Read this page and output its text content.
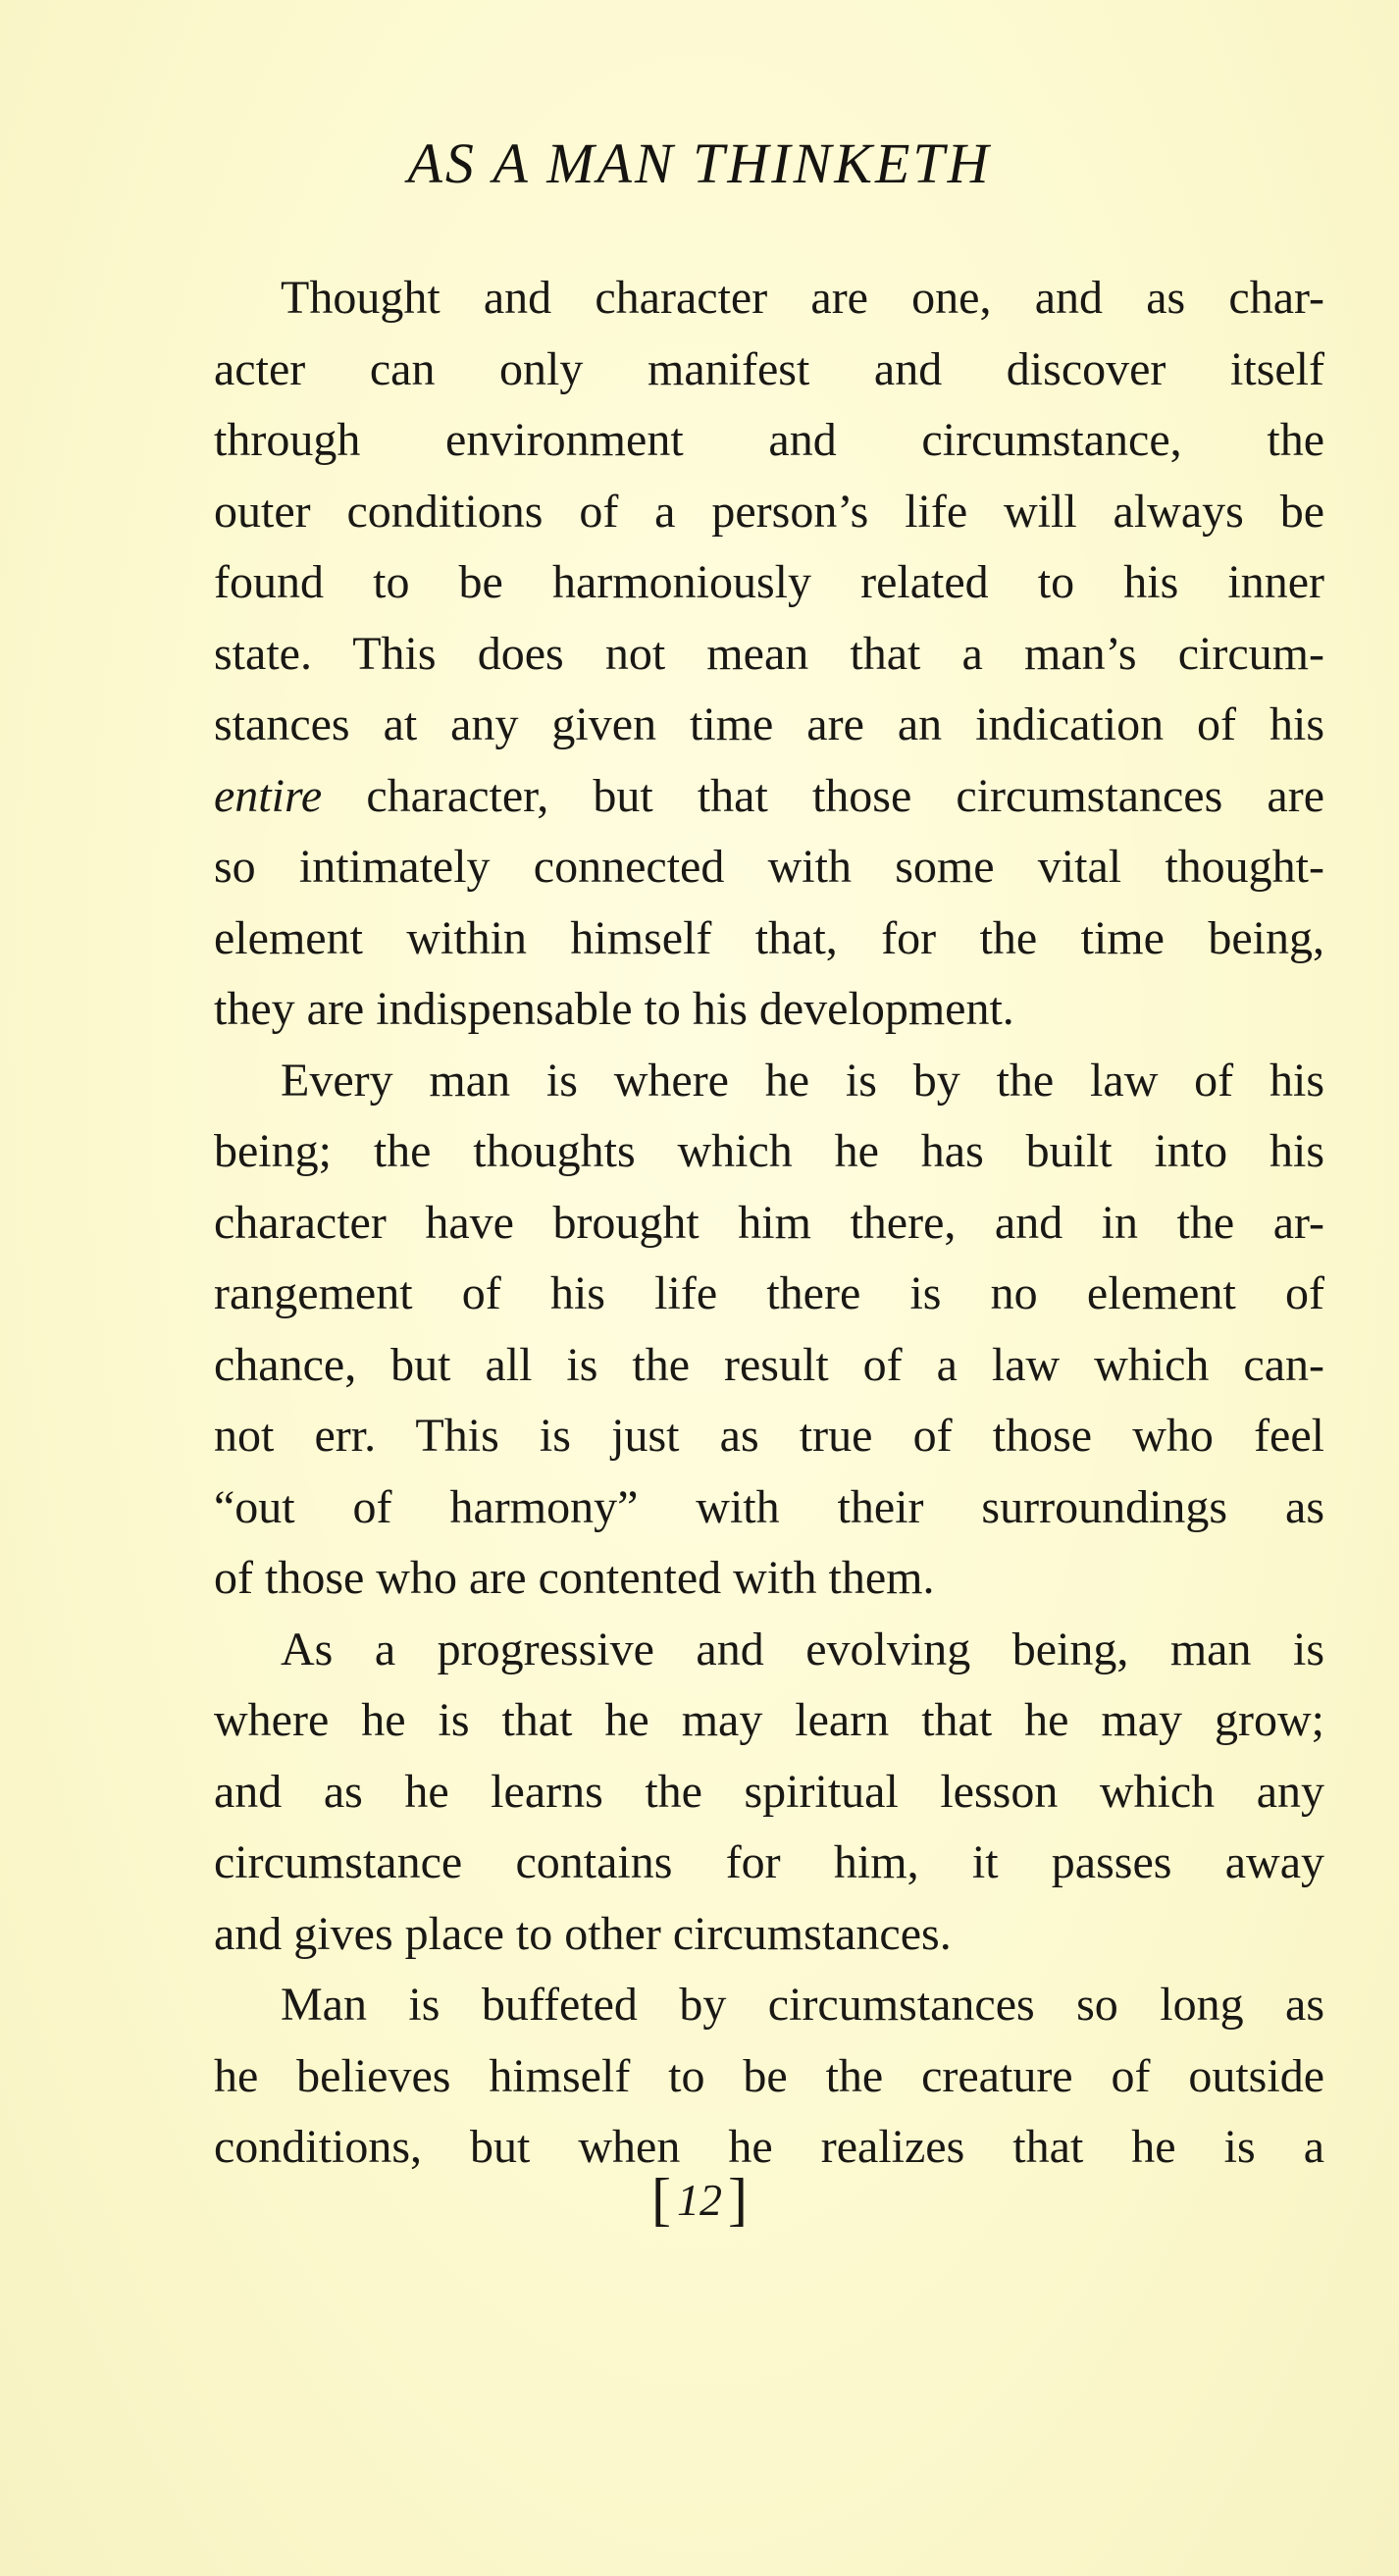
AS A MAN THINKETH
Thought and character are one, and as char-
acter can only manifest and discover itself
through environment and circumstance, the
outer conditions of a person’s life will always be
found to be harmoniously related to his inner
state. This does not mean that a man’s circum-
stances at any given time are an indication of his
entire character, but that those circumstances are
so intimately connected with some vital thought-
element within himself that, for the time being,
they are indispensable to his development.
Every man is where he is by the law of his
being; the thoughts which he has built into his
character have brought him there, and in the ar-
rangement of his life there is no element of
chance, but all is the result of a law which can-
not err. This is just as true of those who feel
“out of harmony” with their surroundings as
of those who are contented with them.
As a progressive and evolving being, man is
where he is that he may learn that he may grow;
and as he learns the spiritual lesson which any
circumstance contains for him, it passes away
and gives place to other circumstances.
Man is buffeted by circumstances so long as
he believes himself to be the creature of outside
conditions, but when he realizes that he is a
[ 12 ]
